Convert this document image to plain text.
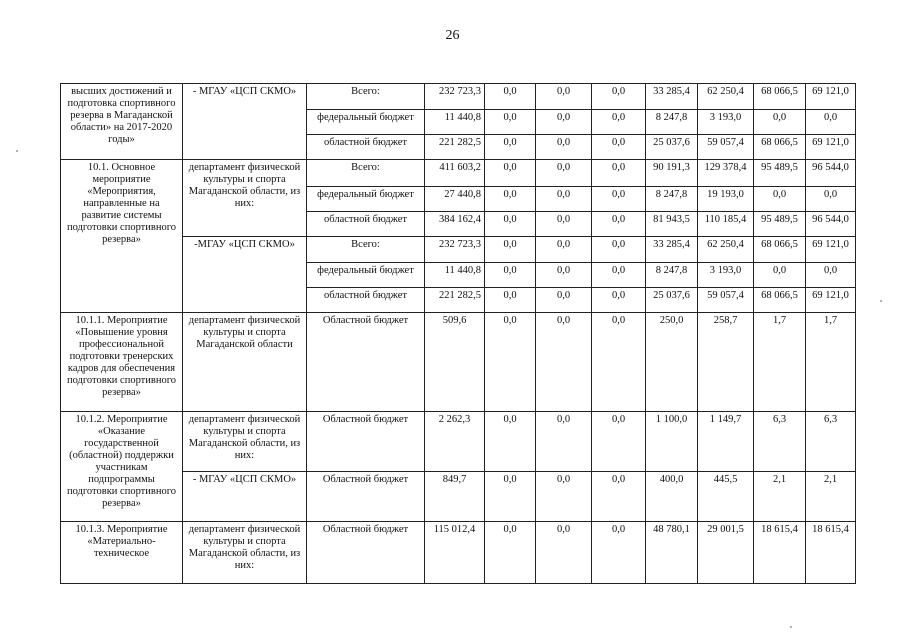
26
высших достижений и подготовка спортивного резерва в Магаданской области» на 2017-2020 годы»	- МГАУ «ЦСП СКМО»	Всего:	232 723,3	0,0	0,0	0,0	33 285,4	62 250,4	68 066,5	69 121,0
		федеральный бюджет	11 440,8	0,0	0,0	0,0	8 247,8	3 193,0	0,0	0,0
		областной бюджет	221 282,5	0,0	0,0	0,0	25 037,6	59 057,4	68 066,5	69 121,0
10.1. Основное мероприятие «Мероприятия, направленные на развитие системы подготовки спортивного резерва»	департамент физической культуры и спорта Магаданской области, из них:	Всего:	411 603,2	0,0	0,0	0,0	90 191,3	129 378,4	95 489,5	96 544,0
		федеральный бюджет	27 440,8	0,0	0,0	0,0	8 247,8	19 193,0	0,0	0,0
		областной бюджет	384 162,4	0,0	0,0	0,0	81 943,5	110 185,4	95 489,5	96 544,0
	-МГАУ «ЦСП СКМО»	Всего:	232 723,3	0,0	0,0	0,0	33 285,4	62 250,4	68 066,5	69 121,0
		федеральный бюджет	11 440,8	0,0	0,0	0,0	8 247,8	3 193,0	0,0	0,0
		областной бюджет	221 282,5	0,0	0,0	0,0	25 037,6	59 057,4	68 066,5	69 121,0
10.1.1. Мероприятие «Повышение уровня профессиональной подготовки тренерских кадров для обеспечения подготовки спортивного резерва»	департамент физической культуры и спорта Магаданской области	Областной бюджет	509,6	0,0	0,0	0,0	250,0	258,7	1,7	1,7
10.1.2. Мероприятие «Оказание государственной (областной) поддержки участникам подпрограммы подготовки спортивного резерва»	департамент физической культуры и спорта Магаданской области, из них:	Областной бюджет	2 262,3	0,0	0,0	0,0	1 100,0	1 149,7	6,3	6,3
	- МГАУ «ЦСП СКМО»	Областной бюджет	849,7	0,0	0,0	0,0	400,0	445,5	2,1	2,1
10.1.3. Мероприятие «Материально-техническое	департамент физической культуры и спорта Магаданской области, из них:	Областной бюджет	115 012,4	0,0	0,0	0,0	48 780,1	29 001,5	18 615,4	18 615,4
